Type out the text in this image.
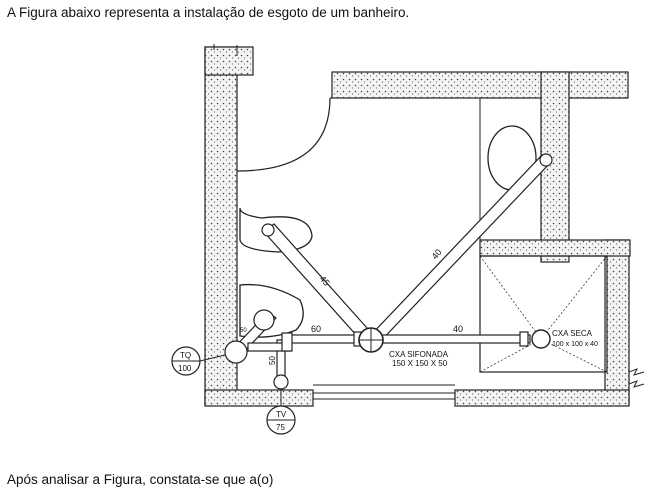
A Figura abaixo representa a instalação de esgoto de um banheiro.

45
40
60	40
50
50
CXA SIFONADA
150 X 150 X 50
CXA SECA
100 x 100 x 40
TQ
100
TV
75

Após analisar a Figura, constata-se que a(o)
